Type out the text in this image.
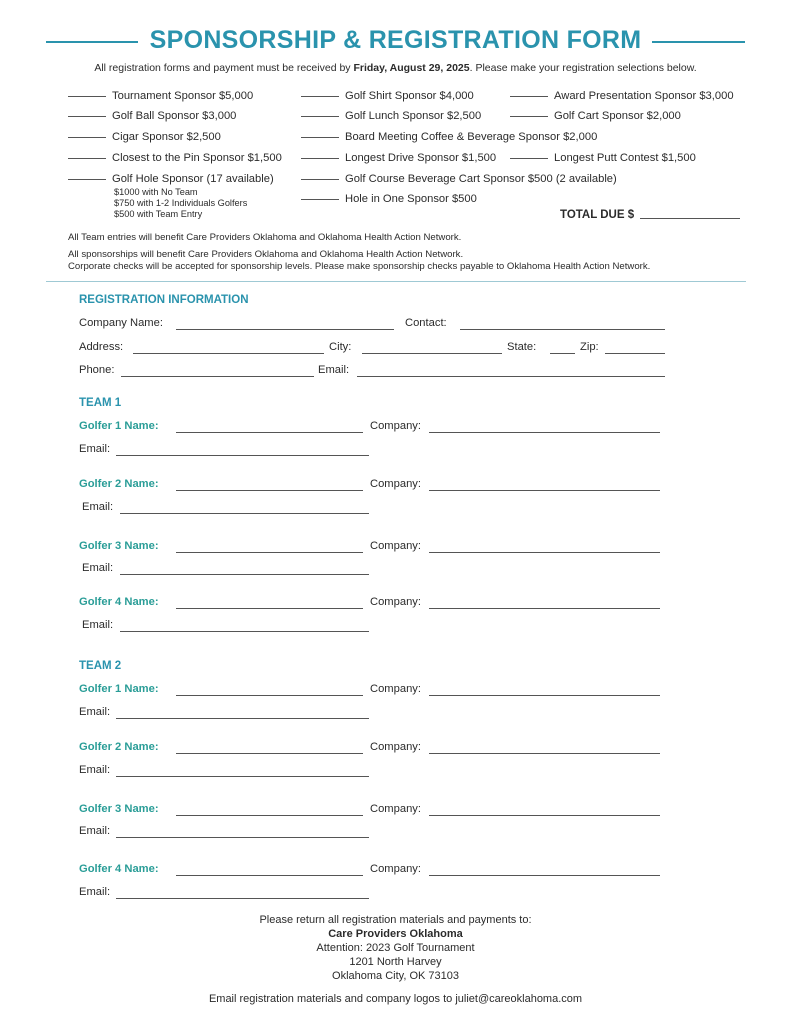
SPONSORSHIP & REGISTRATION FORM
All registration forms and payment must be received by Friday, August 29, 2025. Please make your registration selections below.
Tournament Sponsor $5,000
Golf Ball Sponsor $3,000
Cigar Sponsor $2,500
Closest to the Pin Sponsor $1,500
Golf Hole Sponsor (17 available)
$1000 with No Team
$750 with 1-2 Individuals Golfers
$500 with Team Entry
Golf Shirt Sponsor $4,000
Golf Lunch Sponsor $2,500
Board Meeting Coffee & Beverage Sponsor $2,000
Longest Drive Sponsor $1,500
Golf Course Beverage Cart Sponsor $500 (2 available)
Hole in One Sponsor $500
Award Presentation Sponsor $3,000
Golf Cart Sponsor $2,000
Longest Putt Contest $1,500
TOTAL DUE $
All Team entries will benefit Care Providers Oklahoma and Oklahoma Health Action Network.
All sponsorships will benefit Care Providers Oklahoma and Oklahoma Health Action Network.
Corporate checks will be accepted for sponsorship levels. Please make sponsorship checks payable to Oklahoma Health Action Network.
REGISTRATION INFORMATION
Company Name:	Contact:
Address:	City:	State:	Zip:
Phone:	Email:
TEAM 1
Golfer 1 Name:	Company:
Email:
Golfer 2 Name:	Company:
Email:
Golfer 3 Name:	Company:
Email:
Golfer 4 Name:	Company:
Email:
TEAM 2
Golfer 1 Name:	Company:
Email:
Golfer 2 Name:	Company:
Email:
Golfer 3 Name:	Company:
Email:
Golfer 4 Name:	Company:
Email:
Please return all registration materials and payments to:
Care Providers Oklahoma
Attention: 2023 Golf Tournament
1201 North Harvey
Oklahoma City, OK 73103
Email registration materials and company logos to juliet@careoklahoma.com
